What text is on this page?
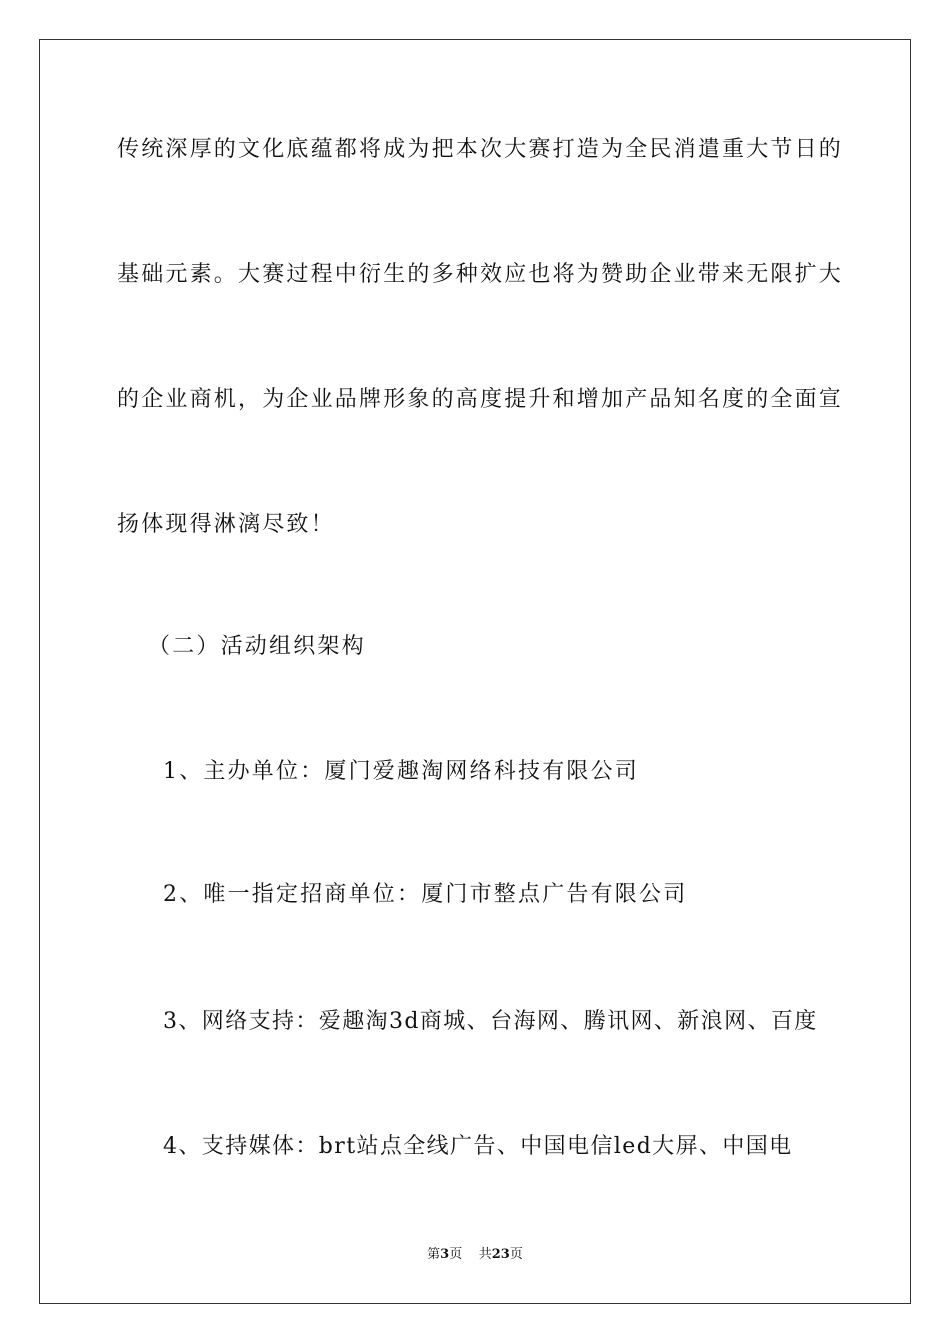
传统深厚的文化底蕴都将成为把本次大赛打造为全民消遣重大节日的
基础元素。大赛过程中衍生的多种效应也将为赞助企业带来无限扩大
的企业商机，为企业品牌形象的高度提升和增加产品知名度的全面宣
扬体现得淋漓尽致！
（二）活动组织架构
1、主办单位：厦门爱趣淘网络科技有限公司
2、唯一指定招商单位：厦门市整点广告有限公司
3、网络支持：爱趣淘3d商城、台海网、腾讯网、新浪网、百度
4、支持媒体：brt站点全线广告、中国电信led大屏、中国电
第3页 共23页
